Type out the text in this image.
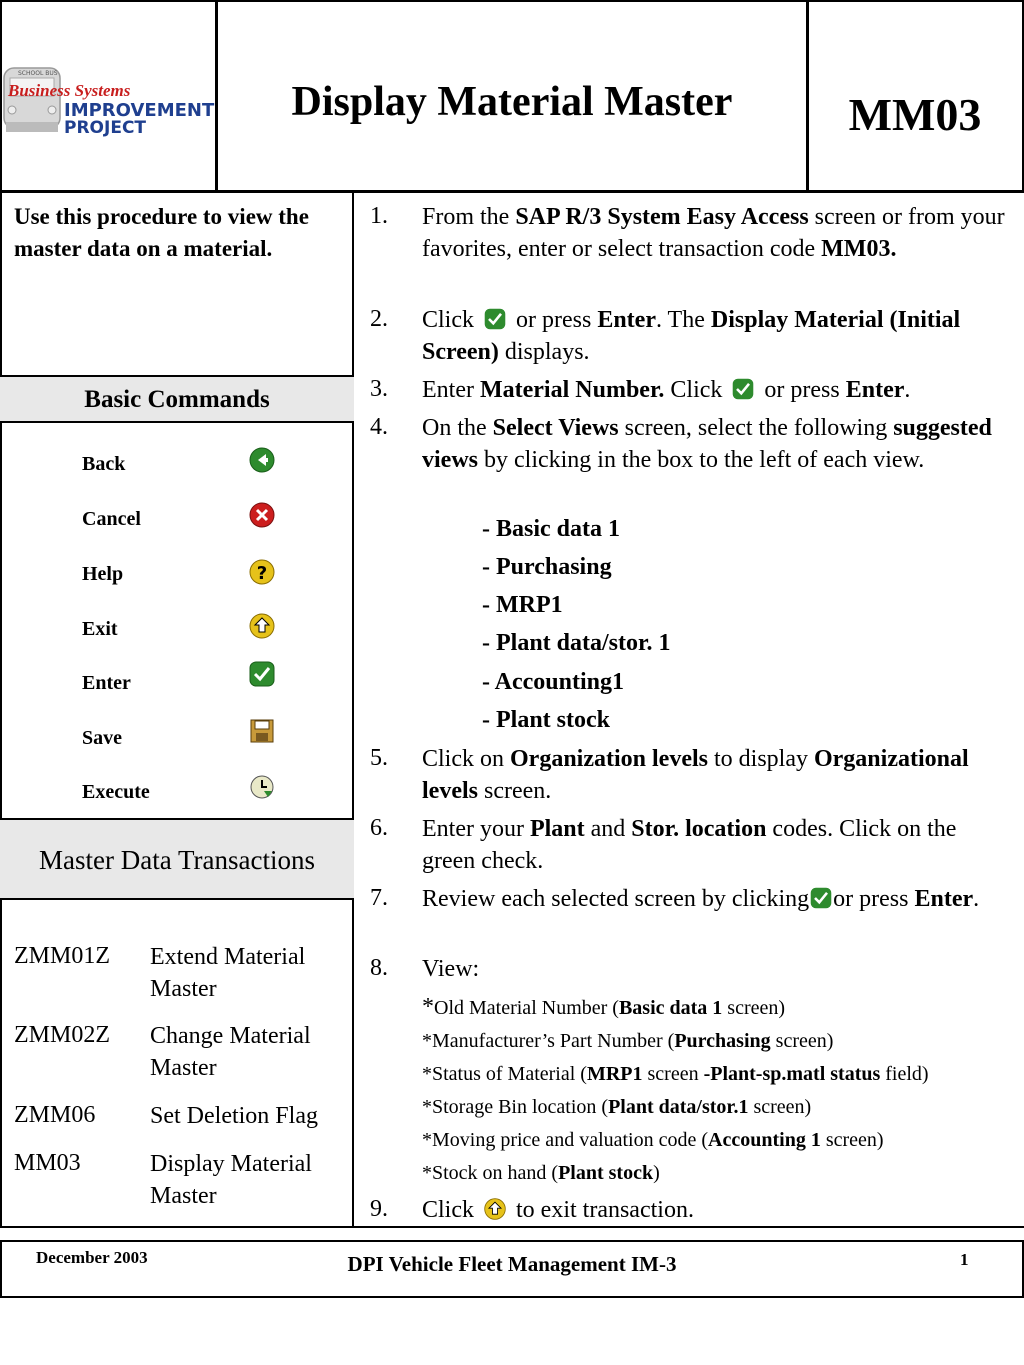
SCHOOL BUS
Business Systems
IMPROVEMENT
PROJECT
Display Material Master	MM03
Use this procedure to view the master data on a material.
Basic Commands
Back
Cancel
Help	?
Exit
Enter
Save
Execute
Master Data Transactions
ZMM01Z Extend Material Master
ZMM02Z Change Material Master
ZMM06 Set Deletion Flag
MM03	Display Material Master
1. From the SAP R/3 System Easy Access screen or from your favorites, enter or select transaction code MM03.
2. Click  or press Enter. The Display Material (Initial Screen) displays.
3. Enter Material Number. Click  or press Enter.
4. On the Select Views screen, select the following suggested views by clicking in the box to the left of each view.
- Basic data 1
- Purchasing
- MRP1
- Plant data/stor. 1
- Accounting1
- Plant stock
5. Click on Organization levels to display Organizational levels screen.
6. Enter your Plant and Stor. location codes. Click on the green check.
7. Review each selected screen by clicking or press Enter.
8. View:
*Old Material Number (Basic data 1 screen)
*Manufacturer’s Part Number (Purchasing screen)
*Status of Material (MRP1 screen -Plant-sp.matl status field)
*Storage Bin location (Plant data/stor.1 screen)
*Moving price and valuation code (Accounting 1 screen)
*Stock on hand (Plant stock)
9. Click  to exit transaction.
December 2003	DPI Vehicle Fleet Management IM-3	1
